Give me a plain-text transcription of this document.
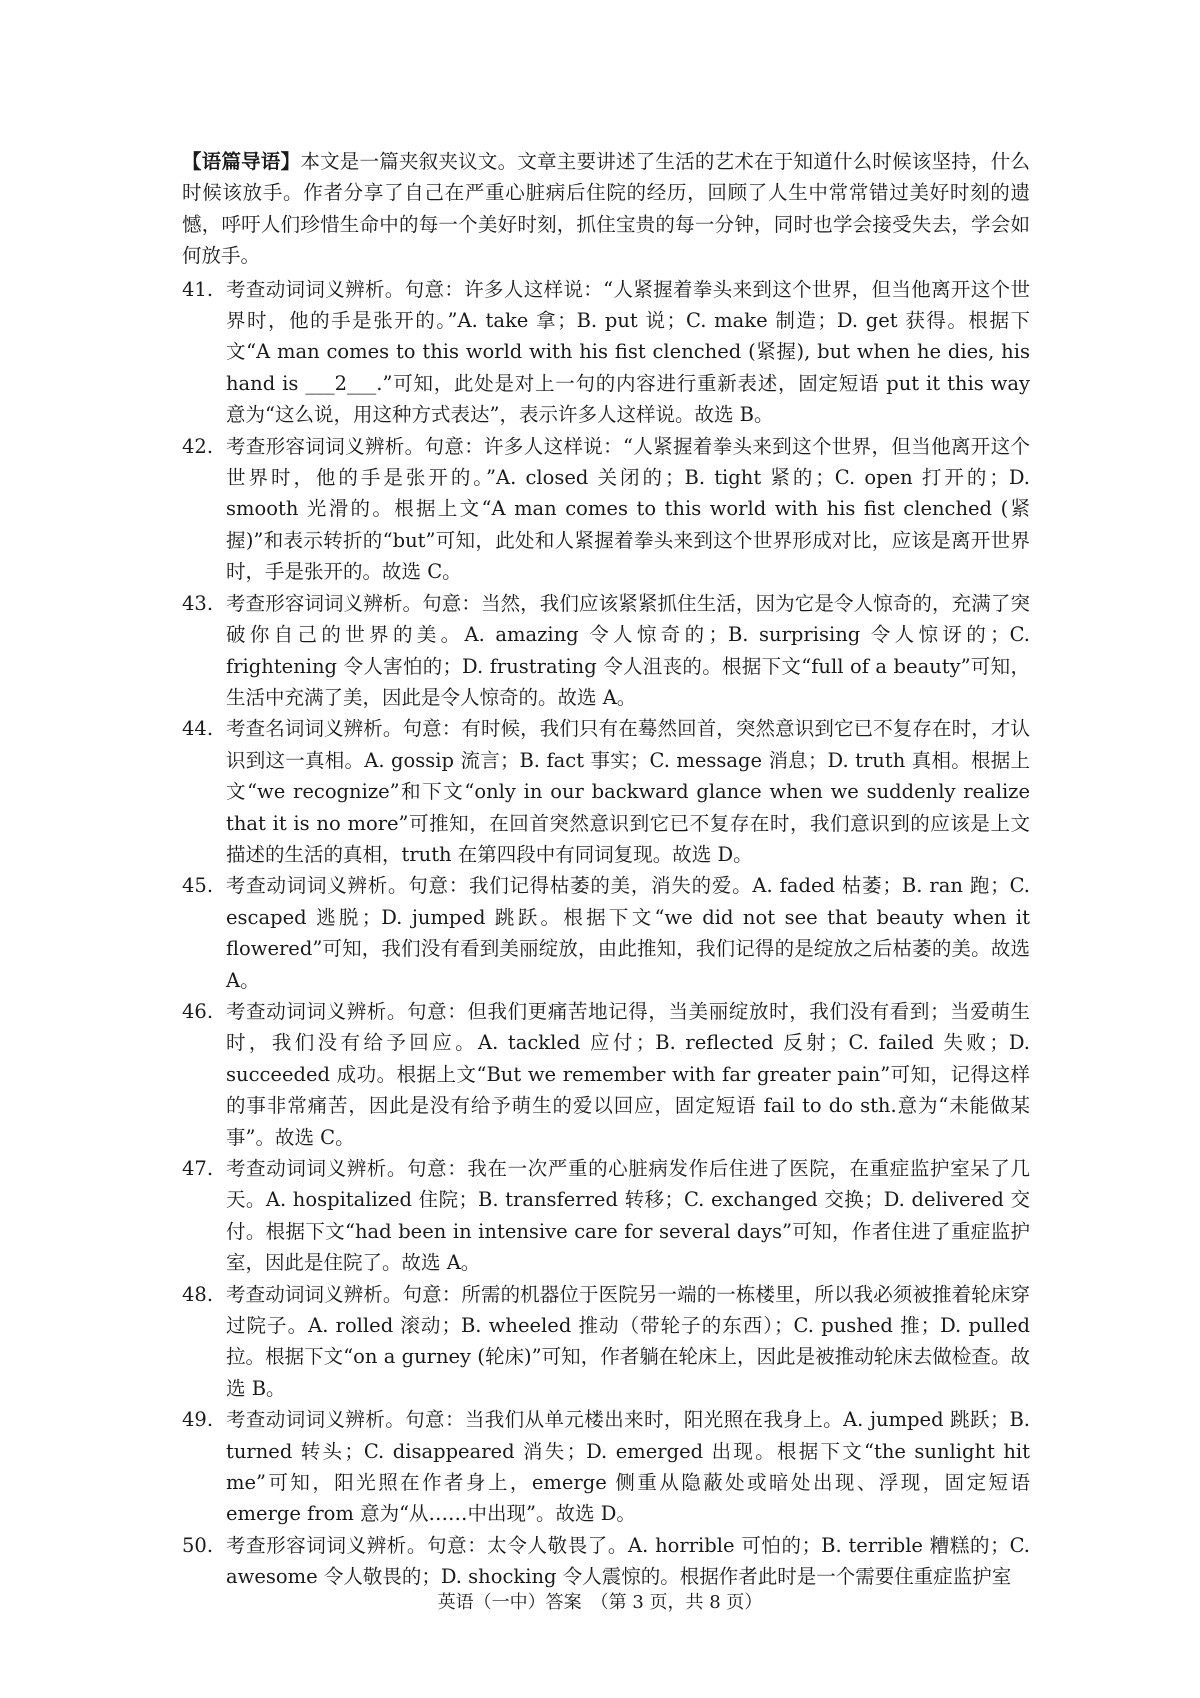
【语篇导语】本文是一篇夹叙夹议文。文章主要讲述了生活的艺术在于知道什么时候该坚持，什么时候该放手。作者分享了自己在严重心脏病后住院的经历，回顾了人生中常常错过美好时刻的遗憾，呼吁人们珍惜生命中的每一个美好时刻，抓住宝贵的每一分钟，同时也学会接受失去，学会如何放手。

41. 考查动词词义辨析。句意：许多人这样说：“人紧握着拳头来到这个世界，但当他离开这个世界时，他的手是张开的。”A. take 拿；B. put 说；C. make 制造；D. get 获得。根据下文“A man comes to this world with his fist clenched (紧握), but when he dies, his hand is ___2___.”可知，此处是对上一句的内容进行重新表述，固定短语 put it this way 意为“这么说，用这种方式表达”，表示许多人这样说。故选 B。
42. 考查形容词词义辨析。句意：许多人这样说：“人紧握着拳头来到这个世界，但当他离开这个世界时，他的手是张开的。”A. closed 关闭的；B. tight 紧的；C. open 打开的；D. smooth 光滑的。根据上文“A man comes to this world with his fist clenched (紧握)”和表示转折的“but”可知，此处和人紧握着拳头来到这个世界形成对比，应该是离开世界时，手是张开的。故选 C。
43. 考查形容词词义辨析。句意：当然，我们应该紧紧抓住生活，因为它是令人惊奇的，充满了突破你自己的世界的美。A. amazing 令人惊奇的；B. surprising 令人惊讶的；C. frightening 令人害怕的；D. frustrating 令人沮丧的。根据下文“full of a beauty”可知，生活中充满了美，因此是令人惊奇的。故选 A。
44. 考查名词词义辨析。句意：有时候，我们只有在蓦然回首，突然意识到它已不复存在时，才认识到这一真相。A. gossip 流言；B. fact 事实；C. message 消息；D. truth 真相。根据上文“we recognize”和下文“only in our backward glance when we suddenly realize that it is no more”可推知，在回首突然意识到它已不复存在时，我们意识到的应该是上文描述的生活的真相，truth 在第四段中有同词复现。故选 D。
45. 考查动词词义辨析。句意：我们记得枯萎的美，消失的爱。A. faded 枯萎；B. ran 跑；C. escaped 逃脱；D. jumped 跳跃。根据下文“we did not see that beauty when it flowered”可知，我们没有看到美丽绽放，由此推知，我们记得的是绽放之后枯萎的美。故选 A。
46. 考查动词词义辨析。句意：但我们更痛苦地记得，当美丽绽放时，我们没有看到；当爱萌生时，我们没有给予回应。A. tackled 应付；B. reflected 反射；C. failed 失败；D. succeeded 成功。根据上文“But we remember with far greater pain”可知，记得这样的事非常痛苦，因此是没有给予萌生的爱以回应，固定短语 fail to do sth.意为“未能做某事”。故选 C。
47. 考查动词词义辨析。句意：我在一次严重的心脏病发作后住进了医院，在重症监护室呆了几天。A. hospitalized 住院；B. transferred 转移；C. exchanged 交换；D. delivered 交付。根据下文“had been in intensive care for several days”可知，作者住进了重症监护室，因此是住院了。故选 A。
48. 考查动词词义辨析。句意：所需的机器位于医院另一端的一栋楼里，所以我必须被推着轮床穿过院子。A. rolled 滚动；B. wheeled 推动（带轮子的东西）；C. pushed 推；D. pulled 拉。根据下文“on a gurney (轮床)”可知，作者躺在轮床上，因此是被推动轮床去做检查。故选 B。
49. 考查动词词义辨析。句意：当我们从单元楼出来时，阳光照在我身上。A. jumped 跳跃；B. turned 转头；C. disappeared 消失；D. emerged 出现。根据下文“the sunlight hit me”可知，阳光照在作者身上，emerge 侧重从隐蔽处或暗处出现、浮现，固定短语 emerge from 意为“从……中出现”。故选 D。
50. 考查形容词词义辨析。句意：太令人敬畏了。A. horrible 可怕的；B. terrible 糟糕的；C. awesome 令人敬畏的；D. shocking 令人震惊的。根据作者此时是一个需要住重症监护室
英语（一中）答案　（第 3 页，共 8 页）
